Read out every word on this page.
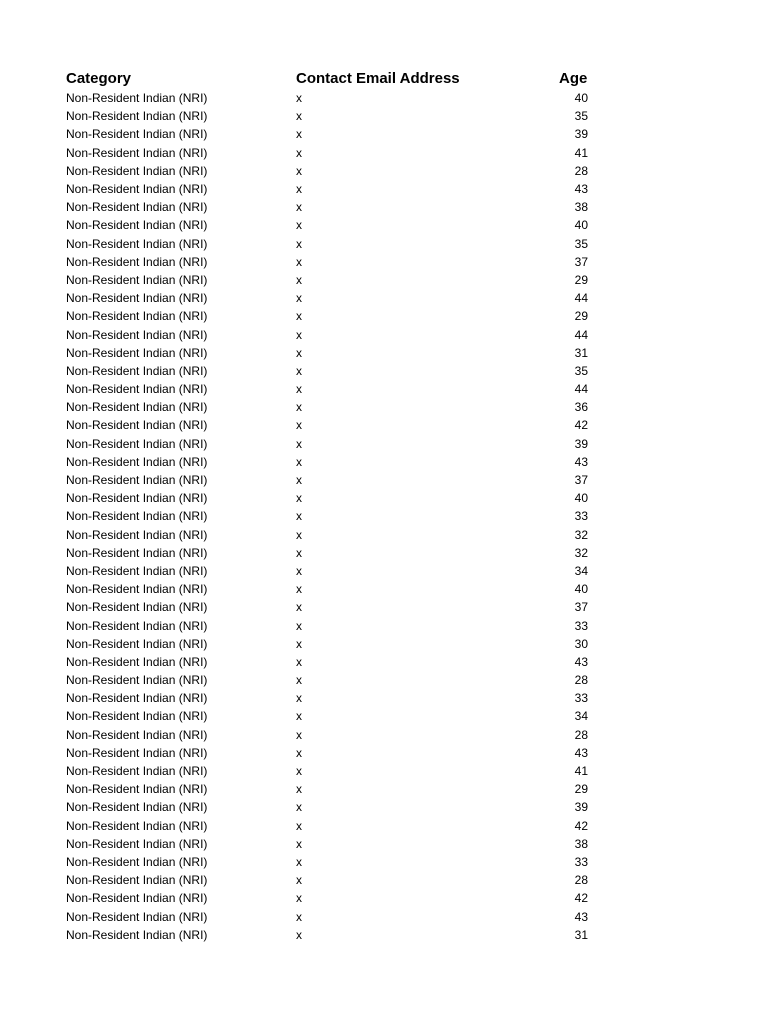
Category	Contact Email Address	Age
Non-Resident Indian (NRI)	x	40
Non-Resident Indian (NRI)	x	35
Non-Resident Indian (NRI)	x	39
Non-Resident Indian (NRI)	x	41
Non-Resident Indian (NRI)	x	28
Non-Resident Indian (NRI)	x	43
Non-Resident Indian (NRI)	x	38
Non-Resident Indian (NRI)	x	40
Non-Resident Indian (NRI)	x	35
Non-Resident Indian (NRI)	x	37
Non-Resident Indian (NRI)	x	29
Non-Resident Indian (NRI)	x	44
Non-Resident Indian (NRI)	x	29
Non-Resident Indian (NRI)	x	44
Non-Resident Indian (NRI)	x	31
Non-Resident Indian (NRI)	x	35
Non-Resident Indian (NRI)	x	44
Non-Resident Indian (NRI)	x	36
Non-Resident Indian (NRI)	x	42
Non-Resident Indian (NRI)	x	39
Non-Resident Indian (NRI)	x	43
Non-Resident Indian (NRI)	x	37
Non-Resident Indian (NRI)	x	40
Non-Resident Indian (NRI)	x	33
Non-Resident Indian (NRI)	x	32
Non-Resident Indian (NRI)	x	32
Non-Resident Indian (NRI)	x	34
Non-Resident Indian (NRI)	x	40
Non-Resident Indian (NRI)	x	37
Non-Resident Indian (NRI)	x	33
Non-Resident Indian (NRI)	x	30
Non-Resident Indian (NRI)	x	43
Non-Resident Indian (NRI)	x	28
Non-Resident Indian (NRI)	x	33
Non-Resident Indian (NRI)	x	34
Non-Resident Indian (NRI)	x	28
Non-Resident Indian (NRI)	x	43
Non-Resident Indian (NRI)	x	41
Non-Resident Indian (NRI)	x	29
Non-Resident Indian (NRI)	x	39
Non-Resident Indian (NRI)	x	42
Non-Resident Indian (NRI)	x	38
Non-Resident Indian (NRI)	x	33
Non-Resident Indian (NRI)	x	28
Non-Resident Indian (NRI)	x	42
Non-Resident Indian (NRI)	x	43
Non-Resident Indian (NRI)	x	31
